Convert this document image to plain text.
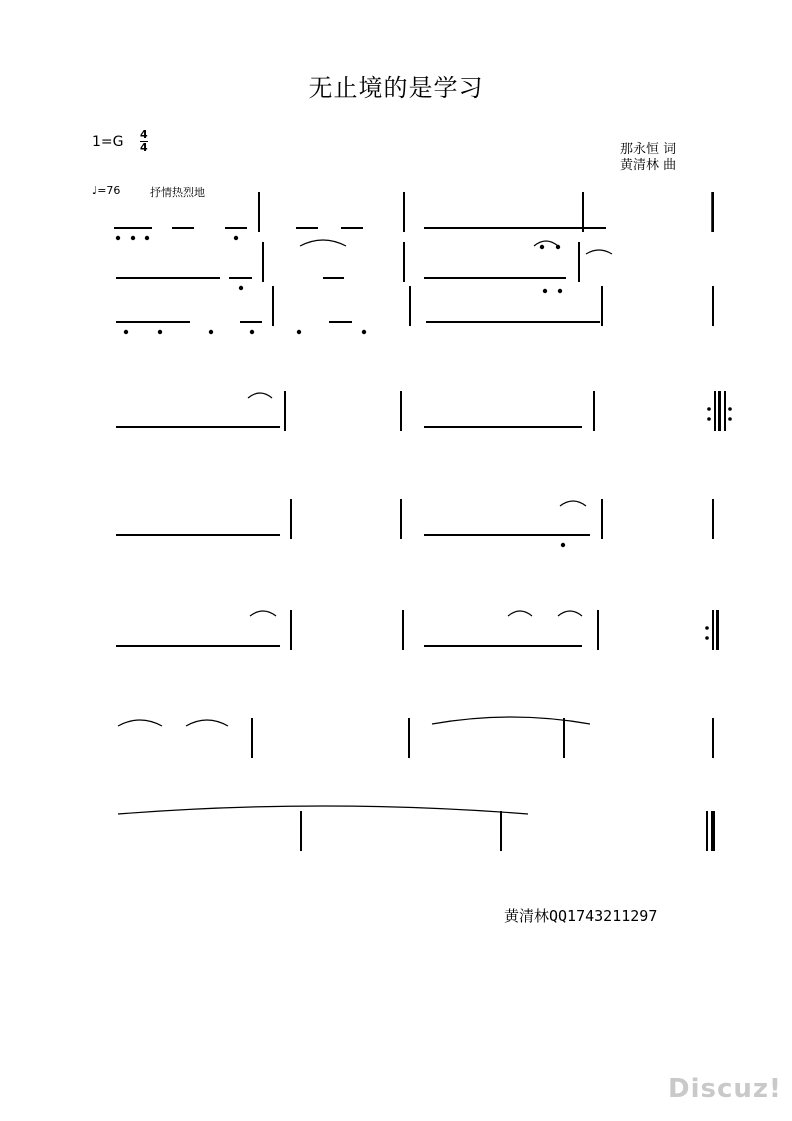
无止境的是学习
1=G 4
4	那永恒 词
黄清林 曲
♩=76	抒情热烈地
黄清林QQ1743211297
Discuz!
